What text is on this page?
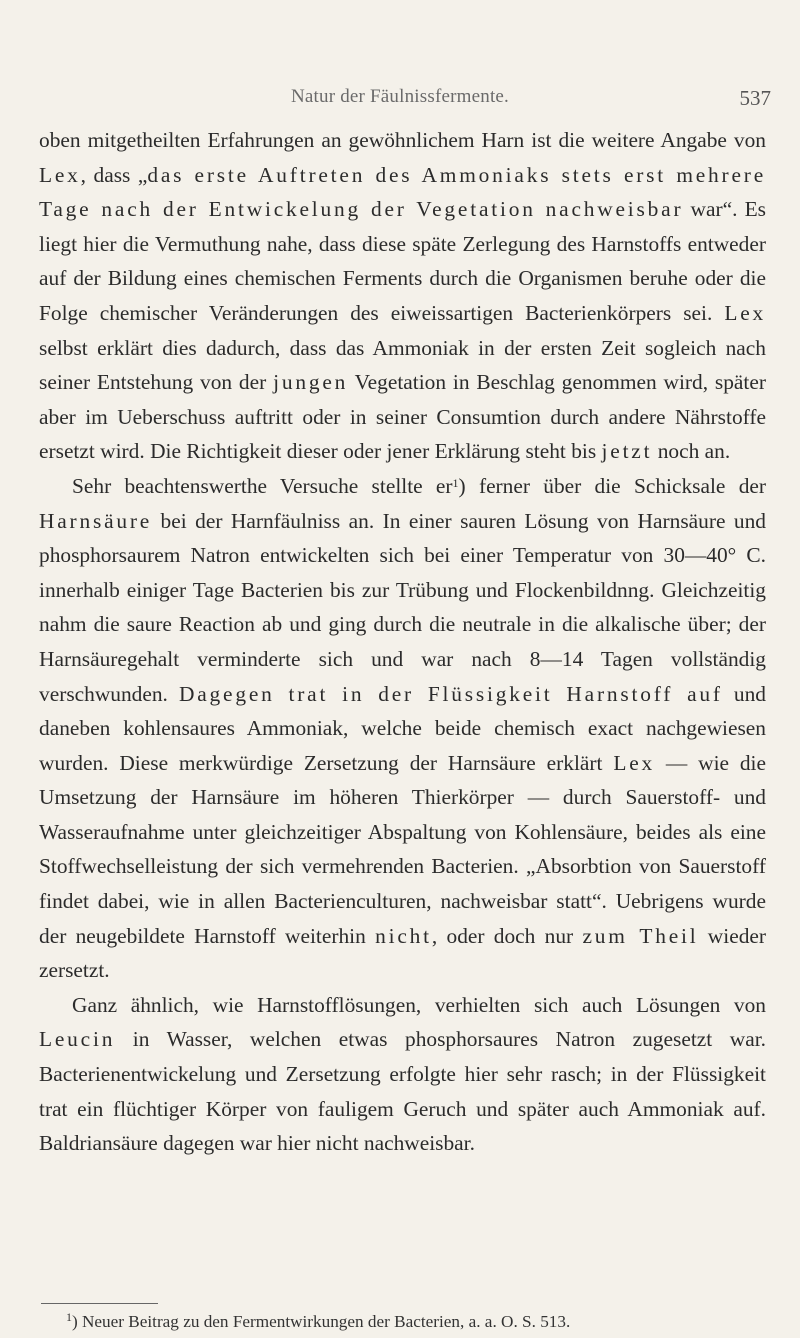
Natur der Fäulnissfermente.	537

oben mitgetheilten Erfahrungen an gewöhnlichem Harn ist die weitere Angabe von Lex, dass „das erste Auftreten des Ammoniaks stets erst mehrere Tage nach der Entwickelung der Vegetation nachweisbar war“. Es liegt hier die Vermuthung nahe, dass diese späte Zerlegung des Harnstoffs entweder auf der Bildung eines chemischen Ferments durch die Organismen beruhe oder die Folge chemischer Veränderungen des eiweissartigen Bacterienkörpers sei. Lex selbst erklärt dies dadurch, dass das Ammoniak in der ersten Zeit sogleich nach seiner Entstehung von der jungen Vegetation in Beschlag genommen wird, später aber im Ueberschuss auftritt oder in seiner Consumtion durch andere Nährstoffe ersetzt wird. Die Richtigkeit dieser oder jener Erklärung steht bis jetzt noch an.

Sehr beachtenswerthe Versuche stellte $er^1$) ferner über die Schicksale der Harnsäure bei der Harnfäulniss an. In einer sauren Lösung von Harnsäure und phosphorsaurem Natron entwickelten sich bei einer Temperatur von 30—40° C. innerhalb einiger Tage Bacterien bis zur Trübung und Flockenbildnng. Gleichzeitig nahm die saure Reaction ab und ging durch die neutrale in die alkalische über; der Harnsäuregehalt verminderte sich und war nach 8—14 Tagen vollständig verschwunden. Dagegen trat in der Flüssigkeit Harnstoff auf und daneben kohlensaures Ammoniak, welche beide chemisch exact nachgewiesen wurden. Diese merkwürdige Zersetzung der Harnsäure erklärt Lex — wie die Umsetzung der Harnsäure im höheren Thierkörper — durch Sauerstoff- und Wasseraufnahme unter gleichzeitiger Abspaltung von Kohlensäure, beides als eine Stoffwechselleistung der sich vermehrenden Bacterien. „Absorbtion von Sauerstoff findet dabei, wie in allen Bacterienculturen, nachweisbar statt“. Uebrigens wurde der neugebildete Harnstoff weiterhin nicht, oder doch nur zum Theil wieder zersetzt.

Ganz ähnlich, wie Harnstofflösungen, verhielten sich auch Lösungen von Leucin in Wasser, welchen etwas phosphorsaures Natron zugesetzt war. Bacterienentwickelung und Zersetzung erfolgte hier sehr rasch; in der Flüssigkeit trat ein flüchtiger Körper von fauligem Geruch und später auch Ammoniak auf. Baldriansäure dagegen war hier nicht nachweisbar.

$^1$) Neuer Beitrag zu den Fermentwirkungen der Bacterien, a. a. O. S. 513.
